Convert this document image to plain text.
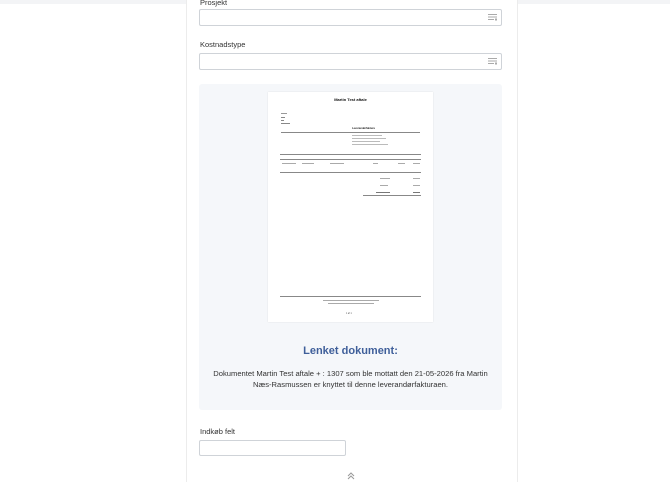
Prosjekt
Kostnadstype
Martin Test aftale
Leverandørfaktura
1 af 1
Lenket dokument:
Dokumentet Martin Test aftale + : 1307 som ble mottatt den 21-05-2026 fra Martin Næs-Rasmussen er knyttet til denne leverandørfakturaen.
Indkøb felt
